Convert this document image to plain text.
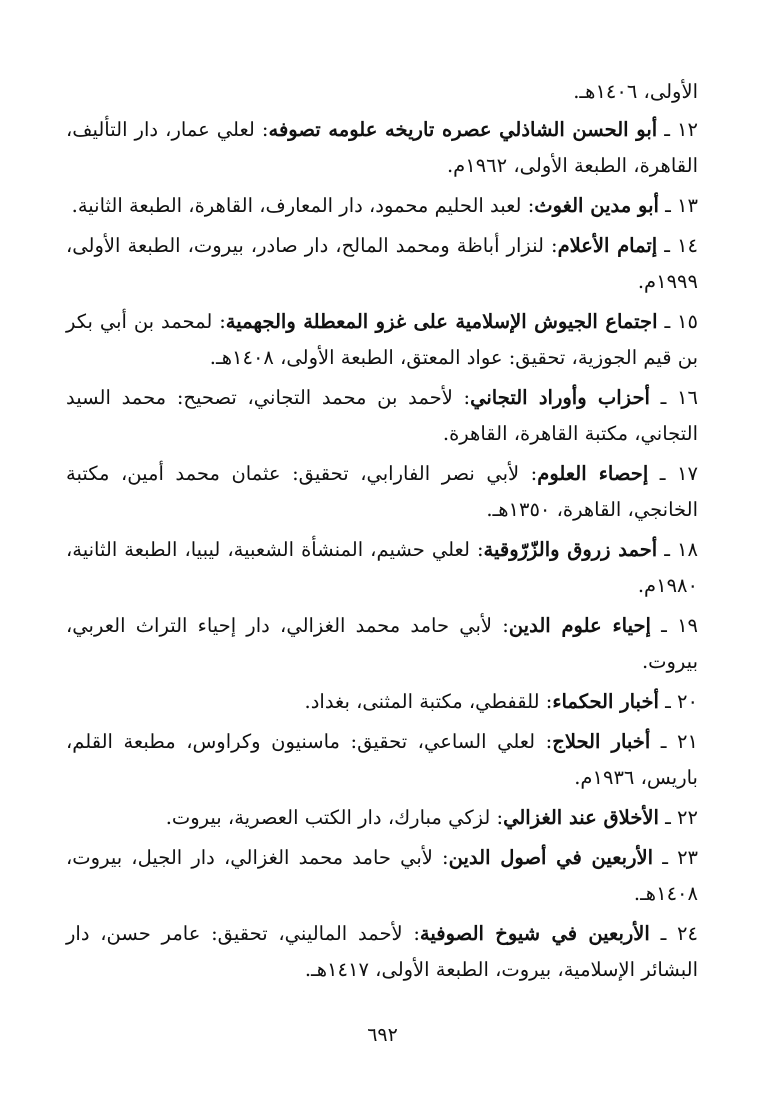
الأولى، ١٤٠٦هـ.

١٢ ـ أبو الحسن الشاذلي عصره تاريخه علومه تصوفه: لعلي عمار، دار التأليف، القاهرة، الطبعة الأولى، ١٩٦٢م.

١٣ ـ أبو مدين الغوث: لعبد الحليم محمود، دار المعارف، القاهرة، الطبعة الثانية.

١٤ ـ إتمام الأعلام: لنزار أباظة ومحمد المالح، دار صادر، بيروت، الطبعة الأولى، ١٩٩٩م.

١٥ ـ اجتماع الجيوش الإسلامية على غزو المعطلة والجهمية: لمحمد بن أبي بكر بن قيم الجوزية، تحقيق: عواد المعتق، الطبعة الأولى، ١٤٠٨هـ.

١٦ ـ أحزاب وأوراد التجاني: لأحمد بن محمد التجاني، تصحيح: محمد السيد التجاني، مكتبة القاهرة، القاهرة.

١٧ ـ إحصاء العلوم: لأبي نصر الفارابي، تحقيق: عثمان محمد أمين، مكتبة الخانجي، القاهرة، ١٣٥٠هـ.

١٨ ـ أحمد زروق والزّرّوقية: لعلي حشيم، المنشأة الشعبية، ليبيا، الطبعة الثانية، ١٩٨٠م.

١٩ ـ إحياء علوم الدين: لأبي حامد محمد الغزالي، دار إحياء التراث العربي، بيروت.

٢٠ ـ أخبار الحكماء: للقفطي، مكتبة المثنى، بغداد.

٢١ ـ أخبار الحلاج: لعلي الساعي، تحقيق: ماسنيون وكراوس، مطبعة القلم، باريس، ١٩٣٦م.

٢٢ ـ الأخلاق عند الغزالي: لزكي مبارك، دار الكتب العصرية، بيروت.

٢٣ ـ الأربعين في أصول الدين: لأبي حامد محمد الغزالي، دار الجيل، بيروت، ١٤٠٨هـ.

٢٤ ـ الأربعين في شيوخ الصوفية: لأحمد الماليني، تحقيق: عامر حسن، دار البشائر الإسلامية، بيروت، الطبعة الأولى، ١٤١٧هـ.

٦٩٢
